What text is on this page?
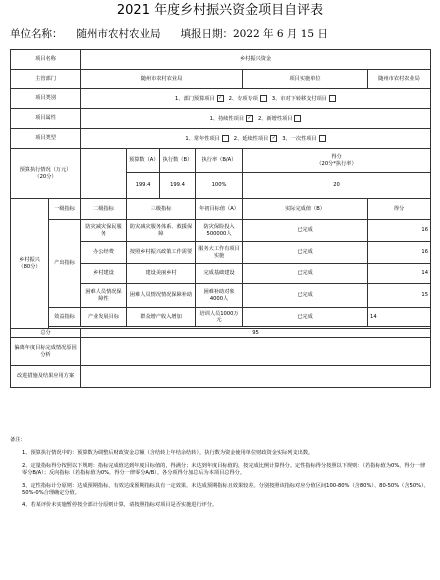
2021 年度乡村振兴资金项目自评表
单位名称： 随州市农村农业局 填报日期：2022 年 6 月 15 日
项目名称		乡村振兴资金					
主管部门		随州市农村农业局				项目实施单位	随州市农村农业局
项目类别		1、部门预算项目 ✓ 2、专项专项 3、市对下转移支付项目
项目属性		1、持续性项目 ✓ 2、新增性项目
项目类型		1、常年性项目 2、延续性项目 ✓ 3、一次性项目
预算执行情况（万元）
（20分）			预算数（A）	执行数（B）	执行率（B/A）	得分
（20分*执行率）	
			199.4	199.4	100%	20	
乡村振兴
（80分）	一级指标	二级指标	三级指标		年初目标值（A）	实际完成值（B）	得分
	产出指标	防灾减灾保民服务	防灾减灾服务体系、救援保障		防灾保险投入500000人	已完成	16
		办公经费	按照乡村振兴政策工作需要		服务大工作有项目实施	已完成	16
		乡村建设	建设美丽乡村		完成基础建设	已完成	14
		困难人员情况保障性	困难人员情况情况保障补助		困难补助对象4000人	已完成	15
	效益指标	产业发展目标	群众增产收入增加		培训人员1000万元	已完成	14

总分		95					
偏离年度目标完成情况原因分析							
改进措施及结果应用方案							

备注：

1、预算执行情况中的：预算数为调整后财政资金总额（含结转上年结余结转），执行数为资金使用单位财政资金实际列支出数。

2、定量指标得分按照以下规则：指标完成值达到年度目标值的，得满分；未达到年度目标值的，按完成比例计算得分。定性指标得分按照以下规则：（若指标值为0%，得分一律零分B/A）；反向指标（若指标值为0%，得分一律零分A/B）。各分项得分加总后为本项目总得分。

3、定性指标计分原则：达成预期指标，有效达成预期指标具有一定效果，未达成预期指标且效果较差。分别按照该指标对应分值区间100-80%（含80%）、80-50%（含50%）、50%-0%合理确定分值。

4、若某评价未实施暂停按全部计分原则计算，请按照指标对项目是否实施进行评分。
